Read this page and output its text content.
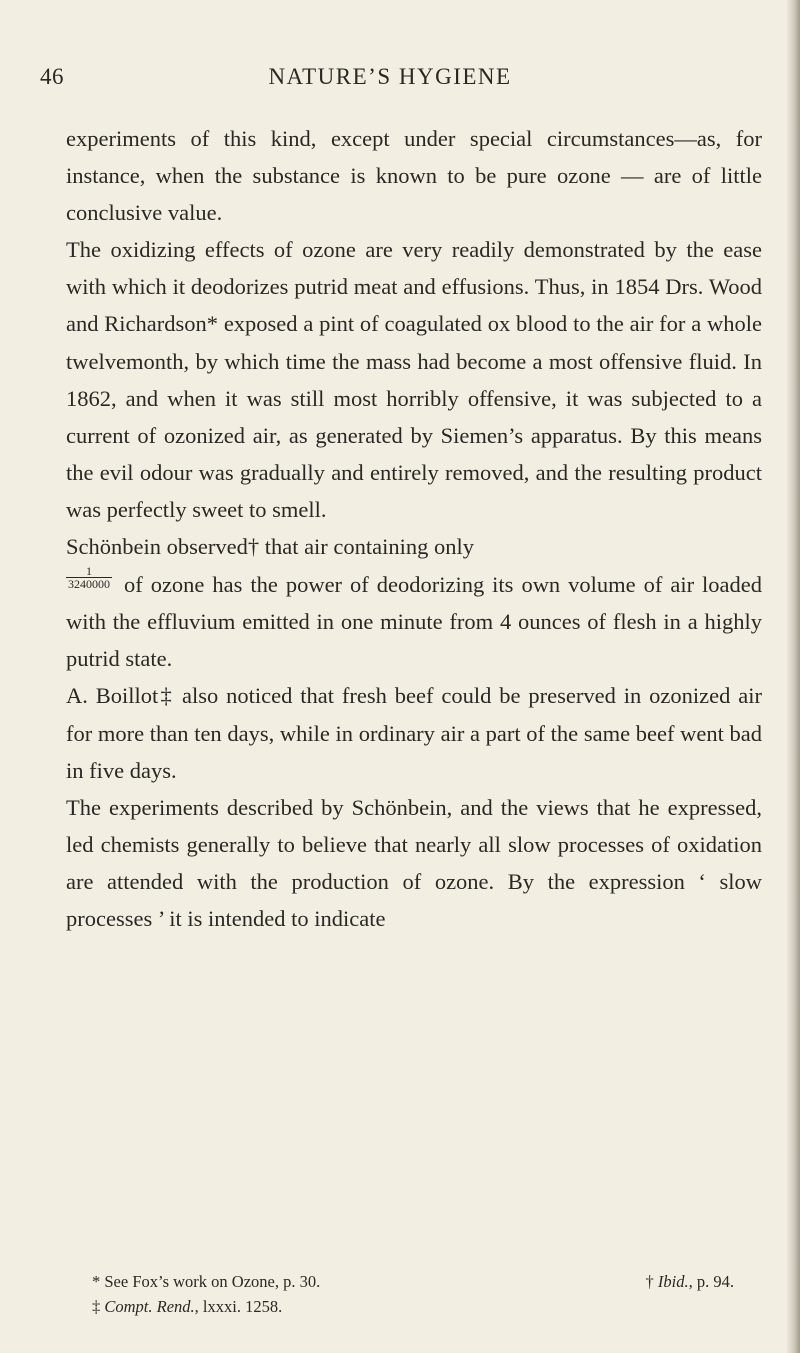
46	NATURE’S HYGIENE

experiments of this kind, except under special circumstances—as, for instance, when the substance is known to be pure ozone — are of little conclusive value.

The oxidizing effects of ozone are very readily demonstrated by the ease with which it deodorizes putrid meat and effusions. Thus, in 1854 Drs. Wood and Richardson* exposed a pint of coagulated ox blood to the air for a whole twelvemonth, by which time the mass had become a most offensive fluid. In 1862, and when it was still most horribly offensive, it was subjected to a current of ozonized air, as generated by Siemen’s apparatus. By this means the evil odour was gradually and entirely removed, and the resulting product was perfectly sweet to smell.

Schönbein observed† that air containing only

$\frac{1}{3240000}$ of ozone has the power of deodorizing its own volume of air loaded with the effluvium emitted in one minute from 4 ounces of flesh in a highly putrid state.

A. Boillot‡ also noticed that fresh beef could be preserved in ozonized air for more than ten days, while in ordinary air a part of the same beef went bad in five days.

The experiments described by Schönbein, and the views that he expressed, led chemists generally to believe that nearly all slow processes of oxidation are attended with the production of ozone. By the expression ‘ slow processes ’ it is intended to indicate

* See Fox’s work on Ozone, p. 30.	† Ibid., p. 94.
‡ Compt. Rend., lxxxi. 1258.
